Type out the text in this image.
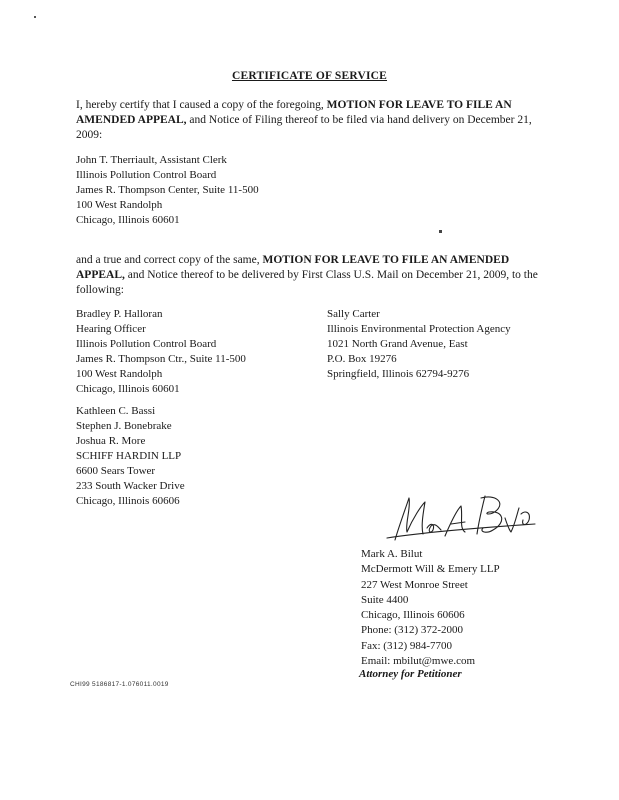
CERTIFICATE OF SERVICE
I, hereby certify that I caused a copy of the foregoing, MOTION FOR LEAVE TO FILE AN AMENDED APPEAL, and Notice of Filing thereof to be filed via hand delivery on December 21, 2009:
John T. Therriault, Assistant Clerk
Illinois Pollution Control Board
James R. Thompson Center, Suite 11-500
100 West Randolph
Chicago, Illinois 60601
and a true and correct copy of the same, MOTION FOR LEAVE TO FILE AN AMENDED APPEAL, and Notice thereof to be delivered by First Class U.S. Mail on December 21, 2009, to the following:
Bradley P. Halloran
Hearing Officer
Illinois Pollution Control Board
James R. Thompson Ctr., Suite 11-500
100 West Randolph
Chicago, Illinois 60601
Sally Carter
Illinois Environmental Protection Agency
1021 North Grand Avenue, East
P.O. Box 19276
Springfield, Illinois 62794-9276
Kathleen C. Bassi
Stephen J. Bonebrake
Joshua R. More
SCHIFF HARDIN LLP
6600 Sears Tower
233 South Wacker Drive
Chicago, Illinois 60606
Mark A. Bilut
McDermott Will & Emery LLP
227 West Monroe Street
Suite 4400
Chicago, Illinois 60606
Phone: (312) 372-2000
Fax: (312) 984-7700
Email: mbilut@mwe.com
Attorney for Petitioner
CHI99 5186817-1.076011.0019
